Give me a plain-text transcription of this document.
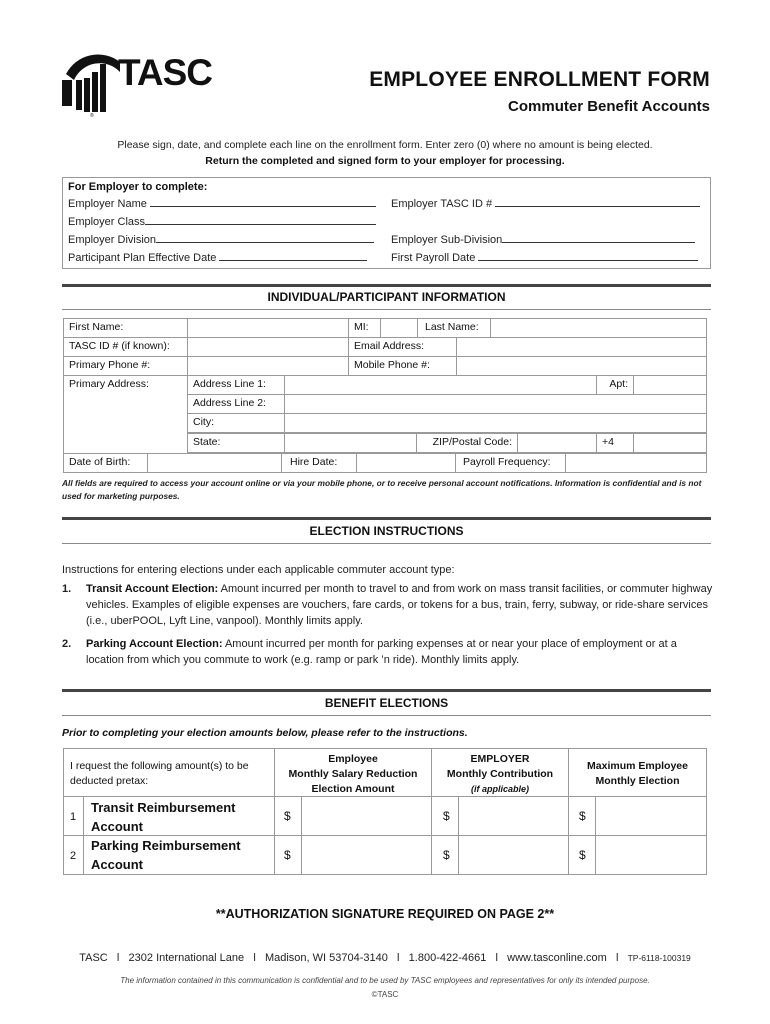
®
TASC	EMPLOYEE ENROLLMENT FORM
Commuter Benefit Accounts
Please sign, date, and complete each line on the enrollment form. Enter zero (0) where no amount is being elected.
Return the completed and signed form to your employer for processing.
For Employer to complete:
Employer Name	Employer TASC ID #
Employer Class
Employer Division	Employer Sub-Division
Participant Plan Effective Date	First Payroll Date
INDIVIDUAL/PARTICIPANT INFORMATION
First Name:	MI:	Last Name:
TASC ID # (if known):	Email Address:
Primary Phone #:	Mobile Phone #:
Primary Address:	Address Line 1:	Apt:
Address Line 2:
City:
State:	ZIP/Postal Code:	+4
Date of Birth:	Hire Date:	Payroll Frequency:
All fields are required to access your account online or via your mobile phone, or to receive personal account notifications. Information is confidential and is not used for marketing purposes.
ELECTION INSTRUCTIONS
Instructions for entering elections under each applicable commuter account type:
1. Transit Account Election: Amount incurred per month to travel to and from work on mass transit facilities, or commuter highway vehicles. Examples of eligible expenses are vouchers, fare cards, or tokens for a bus, train, ferry, subway, or ride-share services (i.e., uberPOOL, Lyft Line, vanpool). Monthly limits apply.
2. Parking Account Election: Amount incurred per month for parking expenses at or near your place of employment or at a location from which you commute to work (e.g. ramp or park ’n ride). Monthly limits apply.
BENEFIT ELECTIONS
Prior to completing your election amounts below, please refer to the instructions.
I request the following amount(s) to be deducted pretax:
Employee
Monthly Salary Reduction
Election Amount
EMPLOYER
Monthly Contribution
(if applicable)
Maximum Employee
Monthly Election
1
Transit Reimbursement
Account
$	$	$
2
Parking Reimbursement
Account
$	$	$
**AUTHORIZATION SIGNATURE REQUIRED ON PAGE 2**
TASC l 2302 International Lane l Madison, WI 53704-3140 l 1.800-422-4661 l www.tasconline.com l TP-6118-100319
The information contained in this communication is confidential and to be used by TASC employees and representatives for only its intended purpose.
©TASC
